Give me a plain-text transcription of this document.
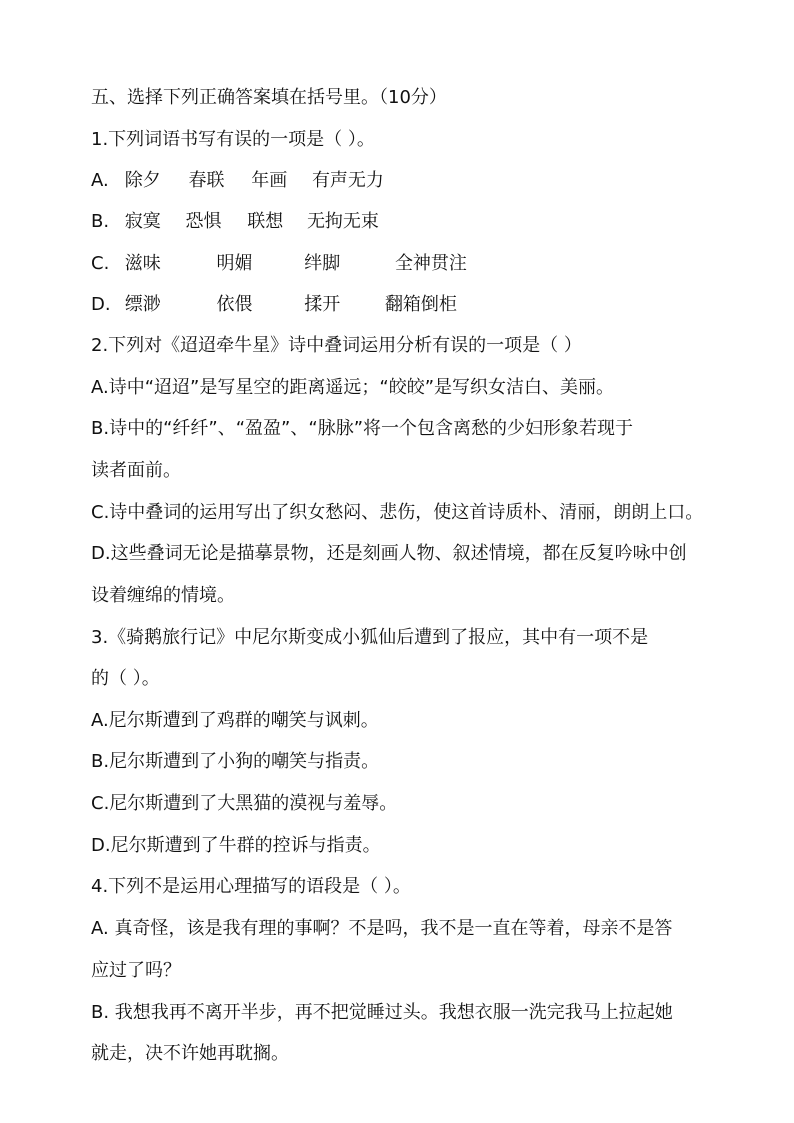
五、选择下列正确答案填在括号里。（10分）

1.下列词语书写有误的一项是（ ）。

A. 除夕 春联 年画 有声无力

B. 寂寞 恐惧 联想 无拘无束

C. 滋味	明媚	绊脚	全神贯注

D. 缥渺	依偎	揉开 翻箱倒柜

2.下列对《迢迢牵牛星》诗中叠词运用分析有误的一项是（ ）

A.诗中“迢迢”是写星空的距离遥远；“皎皎”是写织女洁白、美丽。

B.诗中的“纤纤”、“盈盈”、“脉脉”将一个包含离愁的少妇形象若现于

读者面前。

C.诗中叠词的运用写出了织女愁闷、悲伤，使这首诗质朴、清丽，朗朗上口。

D.这些叠词无论是描摹景物，还是刻画人物、叙述情境，都在反复吟咏中创

设着缠绵的情境。

3.《骑鹅旅行记》中尼尔斯变成小狐仙后遭到了报应，其中有一项不是

的（ ）。

A.尼尔斯遭到了鸡群的嘲笑与讽刺。

B.尼尔斯遭到了小狗的嘲笑与指责。

C.尼尔斯遭到了大黑猫的漠视与羞辱。

D.尼尔斯遭到了牛群的控诉与指责。

4.下列不是运用心理描写的语段是（ ）。

A. 真奇怪，该是我有理的事啊？不是吗，我不是一直在等着，母亲不是答

应过了吗？

B. 我想我再不离开半步，再不把觉睡过头。我想衣服一洗完我马上拉起她

就走，决不许她再耽搁。
